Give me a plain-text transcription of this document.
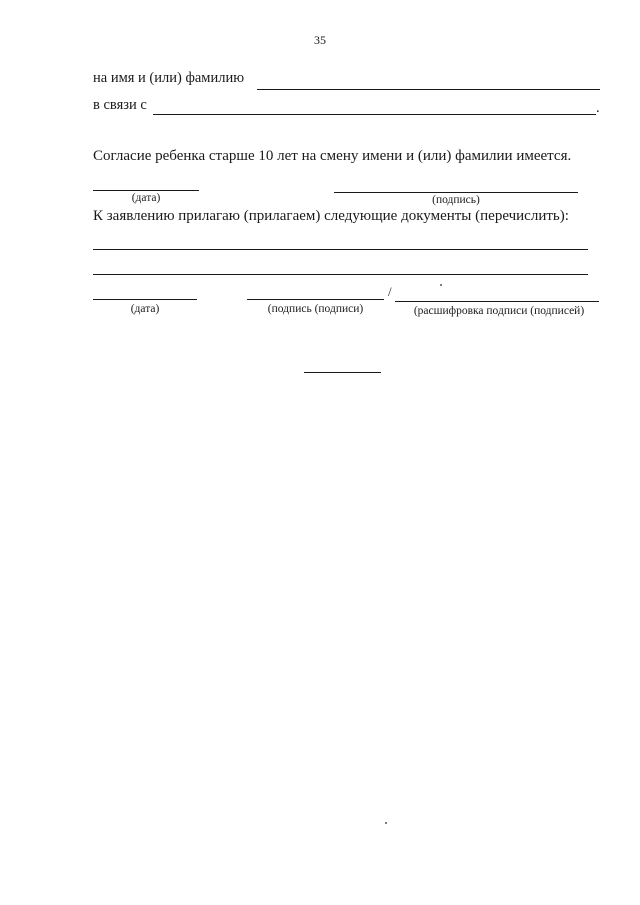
35
на имя и (или) фамилию
в связи с	.
Согласие ребенка старше 10 лет на смену имени и (или) фамилии имеется.
(дата)	(подпись)
К заявлению прилагаю (прилагаем) следующие документы (перечислить):
(дата)	(подпись (подписи)
/
(расшифровка подписи (подписей)
